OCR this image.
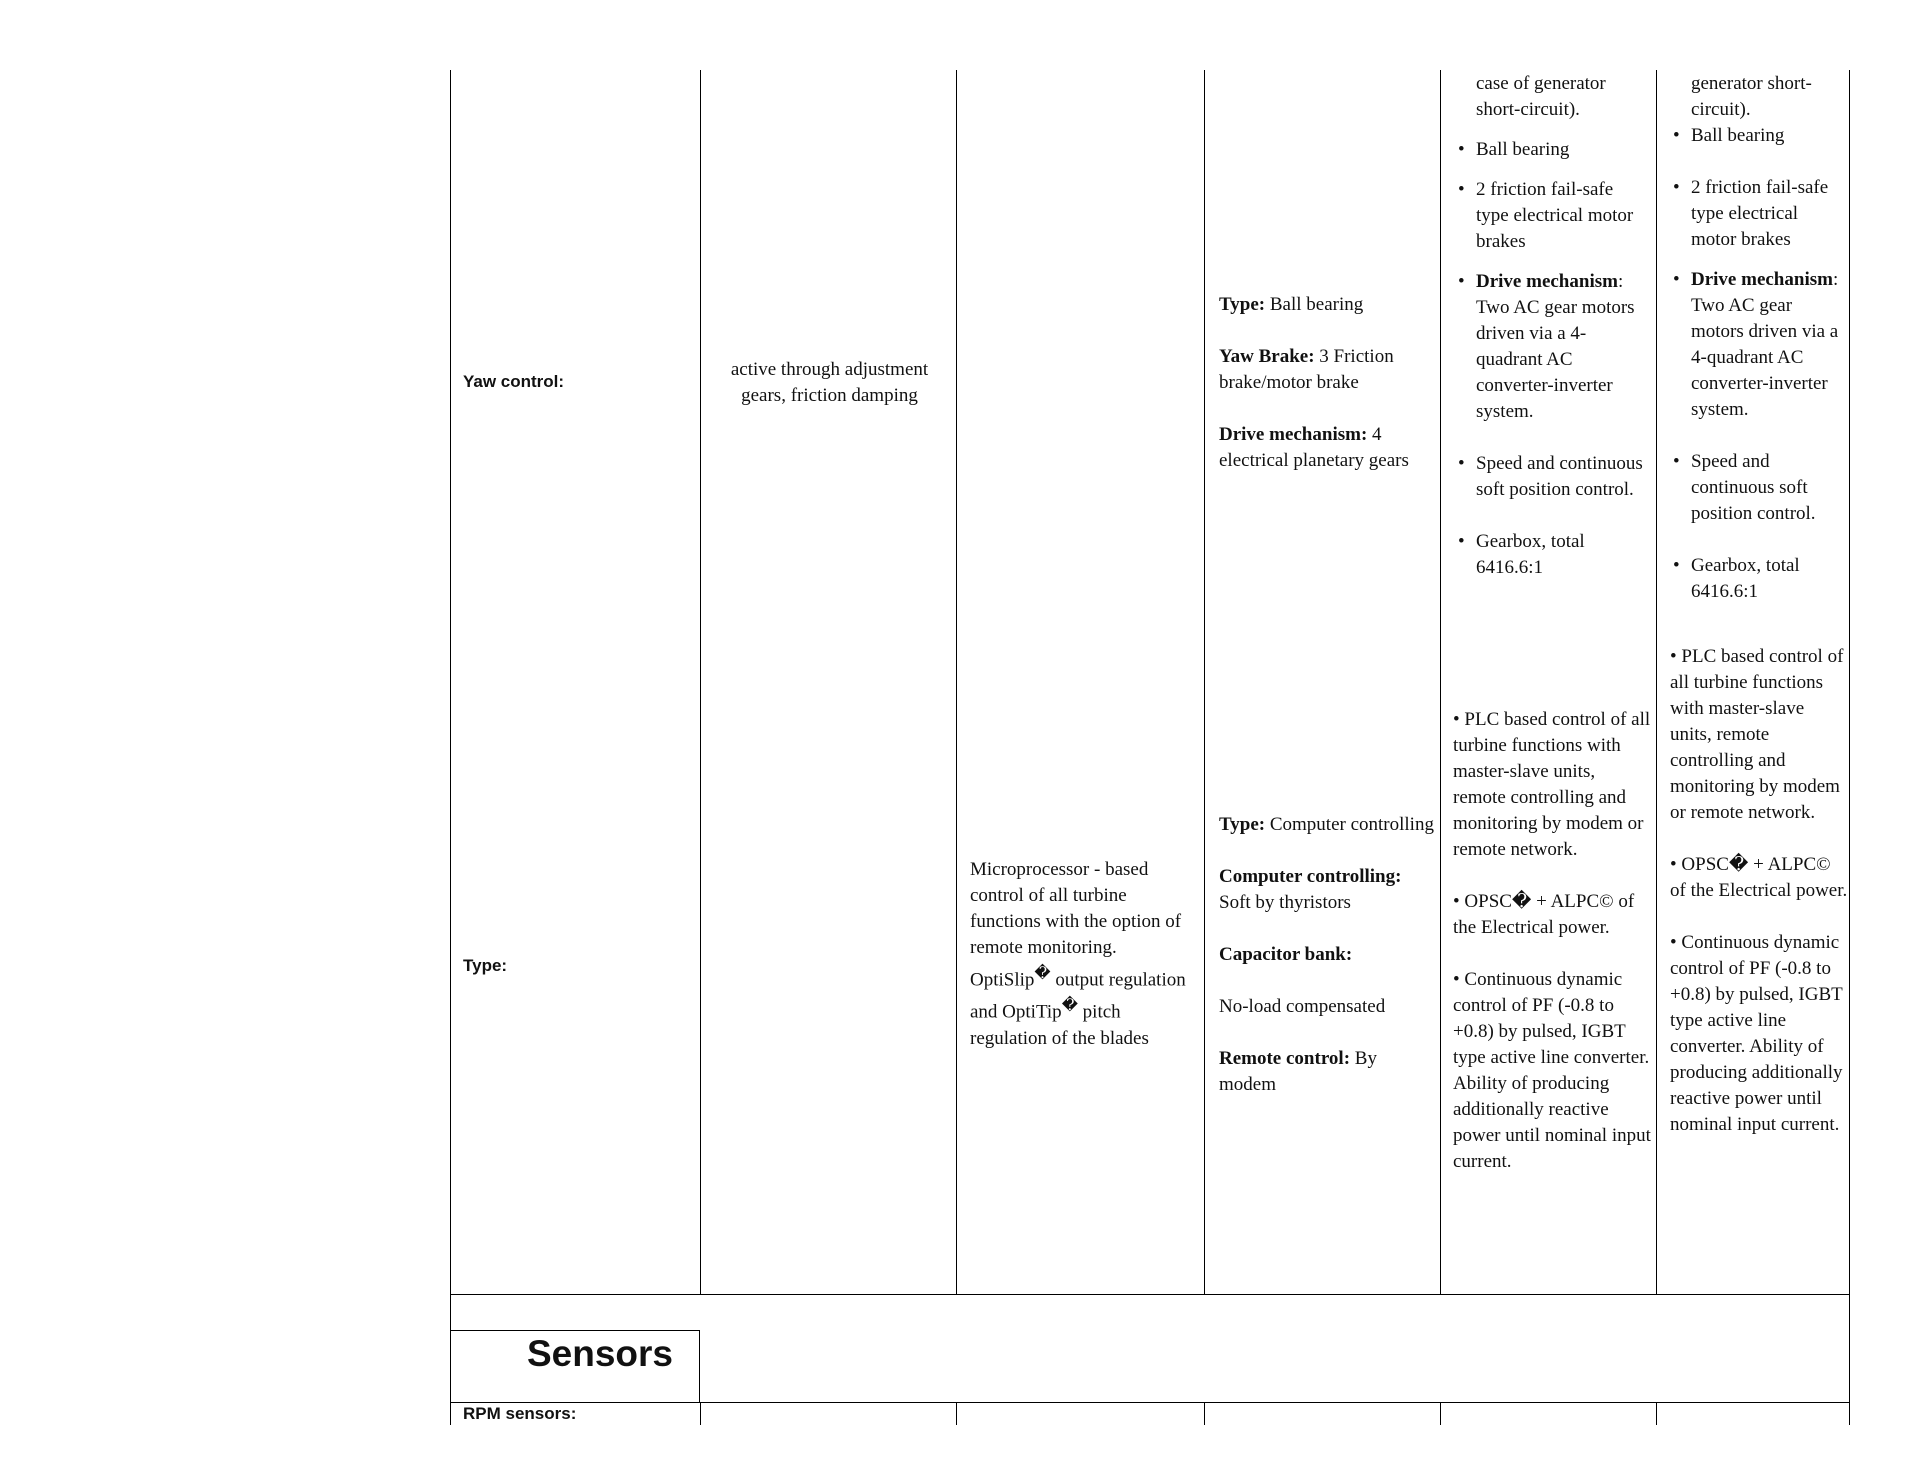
Yaw control:
active through adjustment gears, friction damping

Type: Ball bearing

Yaw Brake: 3 Friction brake/motor brake

Drive mechanism: 4 electrical planetary gears

case of generator short-circuit).

• Ball bearing
• 2 friction fail-safe type electrical motor brakes
• Drive mechanism: Two AC gear motors driven via a 4-quadrant AC converter-inverter system.
• Speed and continuous soft position control.
• Gearbox, total 6416.6:1

generator short-circuit).

• Ball bearing
• 2 friction fail-safe type electrical motor brakes
• Drive mechanism: Two AC gear motors driven via a 4-quadrant AC converter-inverter system.
• Speed and continuous soft position control.
• Gearbox, total 6416.6:1
Type:
Microprocessor - based control of all turbine functions with the option of remote monitoring. OptiSlip� output regulation and OptiTip� pitch regulation of the blades

Type: Computer controlling

Computer controlling: Soft by thyristors

Capacitor bank:

No-load compensated

Remote control: By modem

• PLC based control of all turbine functions with master-slave units, remote controlling and monitoring by modem or remote network.

• OPSC� + ALPC© of the Electrical power.

• Continuous dynamic control of PF (-0.8 to +0.8) by pulsed, IGBT type active line converter. Ability of producing additionally reactive power until nominal input current.

• PLC based control of all turbine functions with master-slave units, remote controlling and monitoring by modem or remote network.

• OPSC� + ALPC© of the Electrical power.

• Continuous dynamic control of PF (-0.8 to +0.8) by pulsed, IGBT type active line converter. Ability of producing additionally reactive power until nominal input current.

Sensors
RPM sensors:
